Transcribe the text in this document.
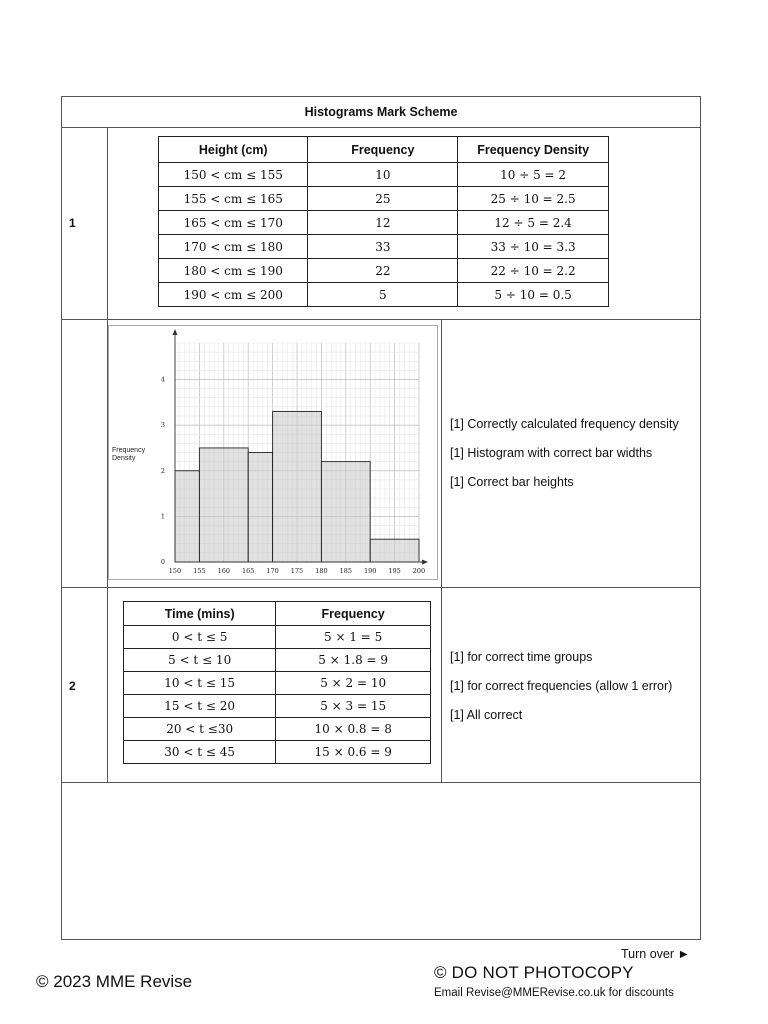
Histograms Mark Scheme
1
Height (cm)	Frequency	Frequency Density
150 < cm ≤ 155	10	10 ÷ 5 = 2
155 < cm ≤ 165	25	25 ÷ 10 = 2.5
165 < cm ≤ 170	12	12 ÷ 5 = 2.4
170 < cm ≤ 180	33	33 ÷ 10 = 3.3
180 < cm ≤ 190	22	22 ÷ 10 = 2.2
190 < cm ≤ 200	5	5 ÷ 10 = 0.5
150 155 160 165 170 175 180 185 190 195 200
0
1
2
3
4
Frequency
Density
[1] Correctly calculated frequency density
[1] Histogram with correct bar widths
[1] Correct bar heights
2
Time (mins)	Frequency
0 < t ≤ 5	5 × 1 = 5
5 < t ≤ 10	5 × 1.8 = 9
10 < t ≤ 15	5 × 2 = 10
15 < t ≤ 20	5 × 3 = 15
20 < t ≤30	10 × 0.8 = 8
30 < t ≤ 45	15 × 0.6 = 9
[1] for correct time groups
[1] for correct frequencies (allow 1 error)
[1] All correct
Turn over ►
© 2023 MME Revise	© DO NOT PHOTOCOPY
Email Revise@MMERevise.co.uk for discounts
